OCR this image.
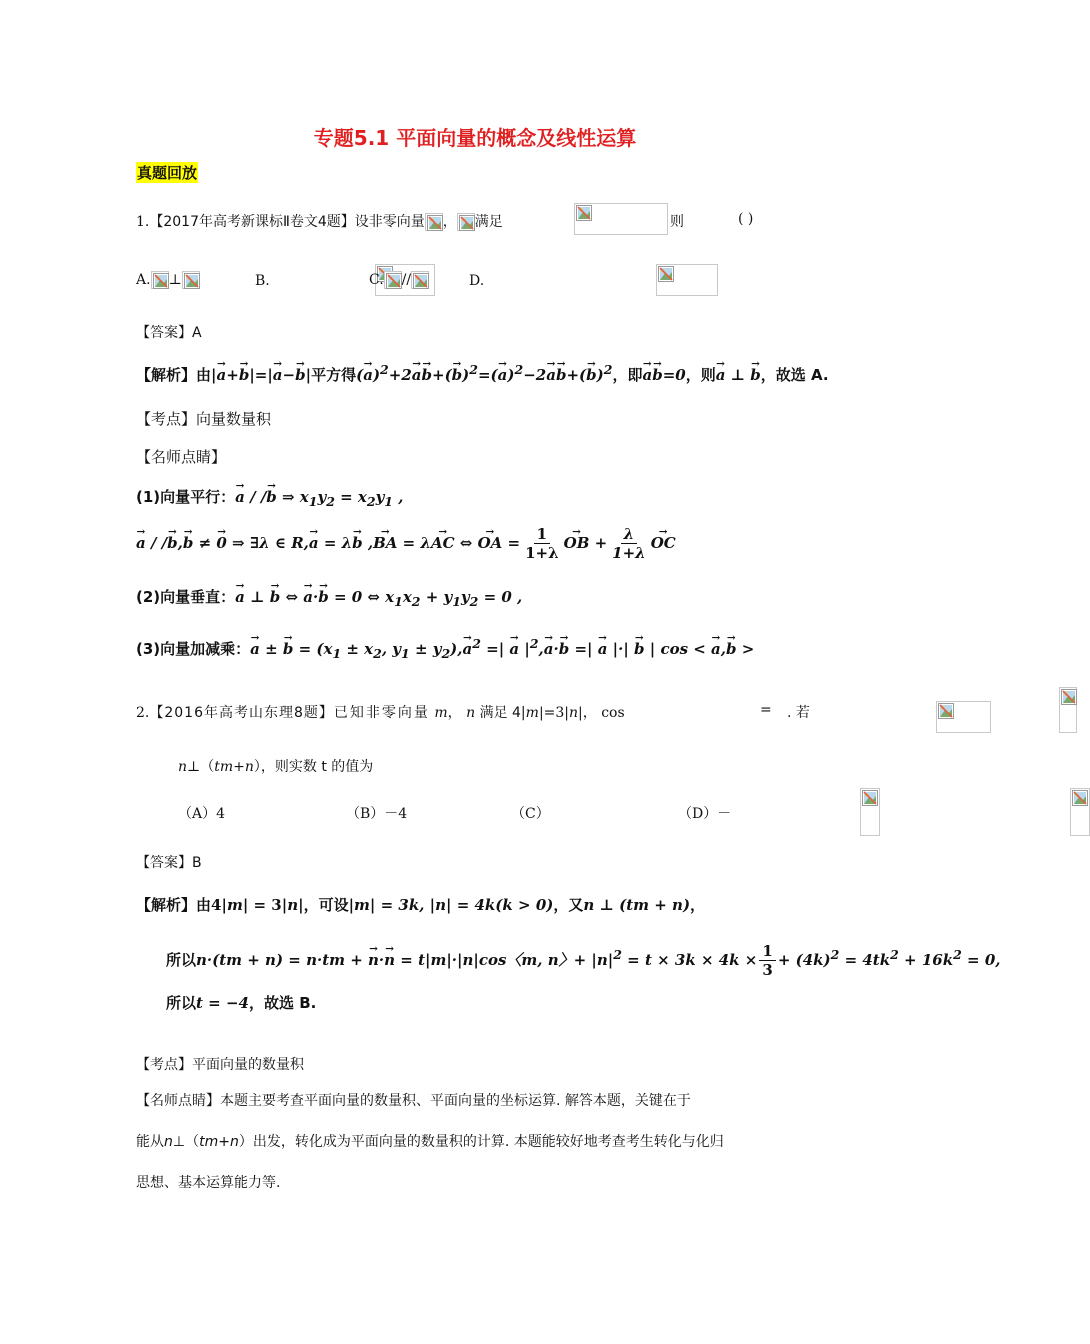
专题5.1 平面向量的概念及线性运算
真题回放
1.【2017年高考新课标Ⅱ卷文4题】设非零向量 ， 满足
	则	( )
A. ⊥	B.
	C. //	D.

【答案】A
【解析】由|→ a+→ b|=|→ a−→ b|平方得(→ $a)^2+2\to a\to b+(\to b)^2=(\to a)^2-2\to a\to b+(\to b)^2$，即→ a→ b=0，则→ a ⊥ → b，故选 A.
【考点】向量数量积
【名师点睛】
(1)向量平行：→ a / /→ b ⇒ $x_1y_2 = x_2y_1$ ,
→ a / /→ b,→ b ≠ → 0 ⇒ ∃λ ∈ R,→ a = λ→ b ,→ BA = λ→ AC ⇔ → OA = $\frac{1}{1+\lambda}$ → OB + $\frac{\lambda}{1+\lambda}$ → OC
(2)向量垂直：→ a ⊥ → b ⇔ → a·→ b = 0 ⇔ $x_1x_2 + y_1y_2 = 0$ ,
(3)向量加减乘：→ a ± → $b = (x_1 \pm x_2$, $y_1 \pm y_2),\to a^2$ =| → a $|^2,\to a\cdot\to b$ =| → a |·| → b | cos < → a,→ b >
2.【2016年高考山东理8题】已知非零向量 m， n 满足 4|m|=3|n|， cos
	=
. 若
n⊥（tm+n），则实数 t 的值为
（A）4	（B）－4	（C）
	（D）－
【答案】B
【解析】由4|m| = 3|n|，可设|m| = 3k, |n| = 4k(k > 0)，又n ⊥ (tm + n)，
所以n·(tm + n) = n·tm + → n·→ n = t|m|·|n|cos〈m, n〉+ $|n|^2 = t \times 3k \times 4k \times \frac{1}{3} + (4k)^2 = 4tk^2 + 16k^2 = 0$,
所以t = −4，故选 B.
【考点】平面向量的数量积
【名师点睛】本题主要考查平面向量的数量积、平面向量的坐标运算. 解答本题，关键在于
能从n⊥（tm+n）出发，转化成为平面向量的数量积的计算. 本题能较好地考查考生转化与化归
思想、基本运算能力等.
